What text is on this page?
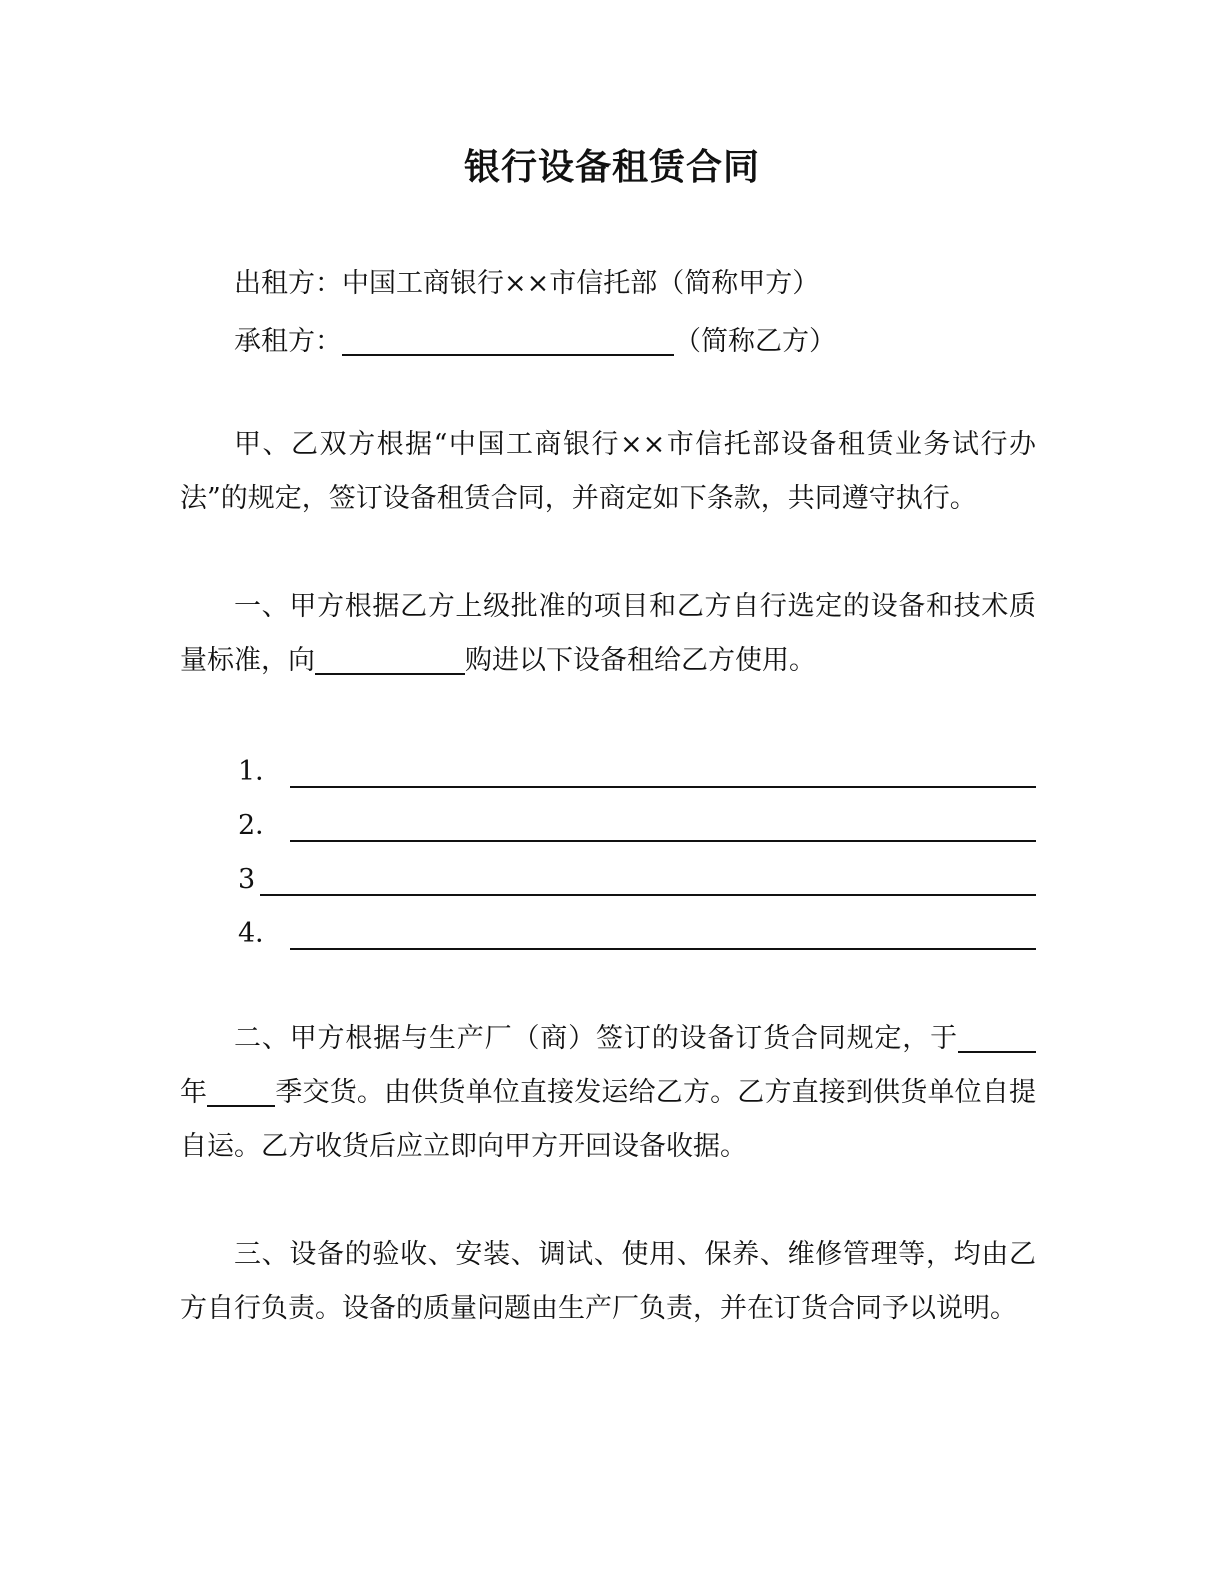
银行设备租赁合同
出租方：中国工商银行××市信托部（简称甲方）
承租方：	（简称乙方）
甲、乙双方根据“中国工商银行××市信托部设备租赁业务试行办法”的规定，签订设备租赁合同，并商定如下条款，共同遵守执行。
一、甲方根据乙方上级批准的项目和乙方自行选定的设备和技术质量标准，向	购进以下设备租给乙方使用。
1．
2．
3
4．
二、甲方根据与生产厂（商）签订的设备订货合同规定，于年	季交货。由供货单位直接发运给乙方。乙方直接到供货单位自提自运。乙方收货后应立即向甲方开回设备收据。
三、设备的验收、安装、调试、使用、保养、维修管理等，均由乙方自行负责。设备的质量问题由生产厂负责，并在订货合同予以说明。
